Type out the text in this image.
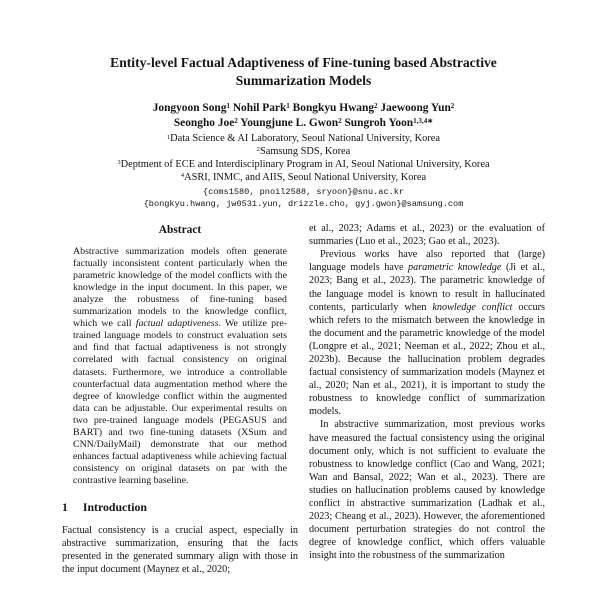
Entity-level Factual Adaptiveness of Fine-tuning based Abstractive Summarization Models
Jongyoon Song$^1$ Nohil Park$^1$ Bongkyu Hwang$^2$ Jaewoong Yun$^2$
Seongho Joe$^2$ Youngjune L. Gwon$^2$ Sungroh Yoon$^{1,3,4∗}$
$^1$Data Science & AI Laboratory, Seoul National University, Korea
$^2$Samsung SDS, Korea
$^3$Deptment of ECE and Interdisciplinary Program in AI, Seoul National University, Korea
$^4$ASRI, INMC, and AIIS, Seoul National University, Korea
{coms1580, pnoil2588, sryoon}@snu.ac.kr
{bongkyu.hwang, jw0531.yun, drizzle.cho, gyj.gwon}@samsung.com
Abstract

Abstractive summarization models often generate factually inconsistent content particularly when the parametric knowledge of the model conflicts with the knowledge in the input document. In this paper, we analyze the robustness of fine-tuning based summarization models to the knowledge conflict, which we call factual adaptiveness. We utilize pre-trained language models to construct evaluation sets and find that factual adaptiveness is not strongly correlated with factual consistency on original datasets. Furthermore, we introduce a controllable counterfactual data augmentation method where the degree of knowledge conflict within the augmented data can be adjustable. Our experimental results on two pre-trained language models (PEGASUS and BART) and two fine-tuning datasets (XSum and CNN/DailyMail) demonstrate that our method enhances factual adaptiveness while achieving factual consistency on original datasets on par with the contrastive learning baseline.

1 Introduction

Factual consistency is a crucial aspect, especially in abstractive summarization, ensuring that the facts presented in the generated summary align with those in the input document (Maynez et al., 2020;

et al., 2023; Adams et al., 2023) or the evaluation of summaries (Luo et al., 2023; Gao et al., 2023).

Previous works have also reported that (large) language models have parametric knowledge (Ji et al., 2023; Bang et al., 2023). The parametric knowledge of the language model is known to result in hallucinated contents, particularly when knowledge conflict occurs which refers to the mismatch between the knowledge in the document and the parametric knowledge of the model (Longpre et al., 2021; Neeman et al., 2022; Zhou et al., 2023b). Because the hallucination problem degrades factual consistency of summarization models (Maynez et al., 2020; Nan et al., 2021), it is important to study the robustness to knowledge conflict of summarization models.

In abstractive summarization, most previous works have measured the factual consistency using the original document only, which is not sufficient to evaluate the robustness to knowledge conflict (Cao and Wang, 2021; Wan and Bansal, 2022; Wan et al., 2023). There are studies on hallucination problems caused by knowledge conflict in abstractive summarization (Ladhak et al., 2023; Cheang et al., 2023). However, the aforementioned document perturbation strategies do not control the degree of knowledge conflict, which offers valuable insight into the robustness of the summarization
